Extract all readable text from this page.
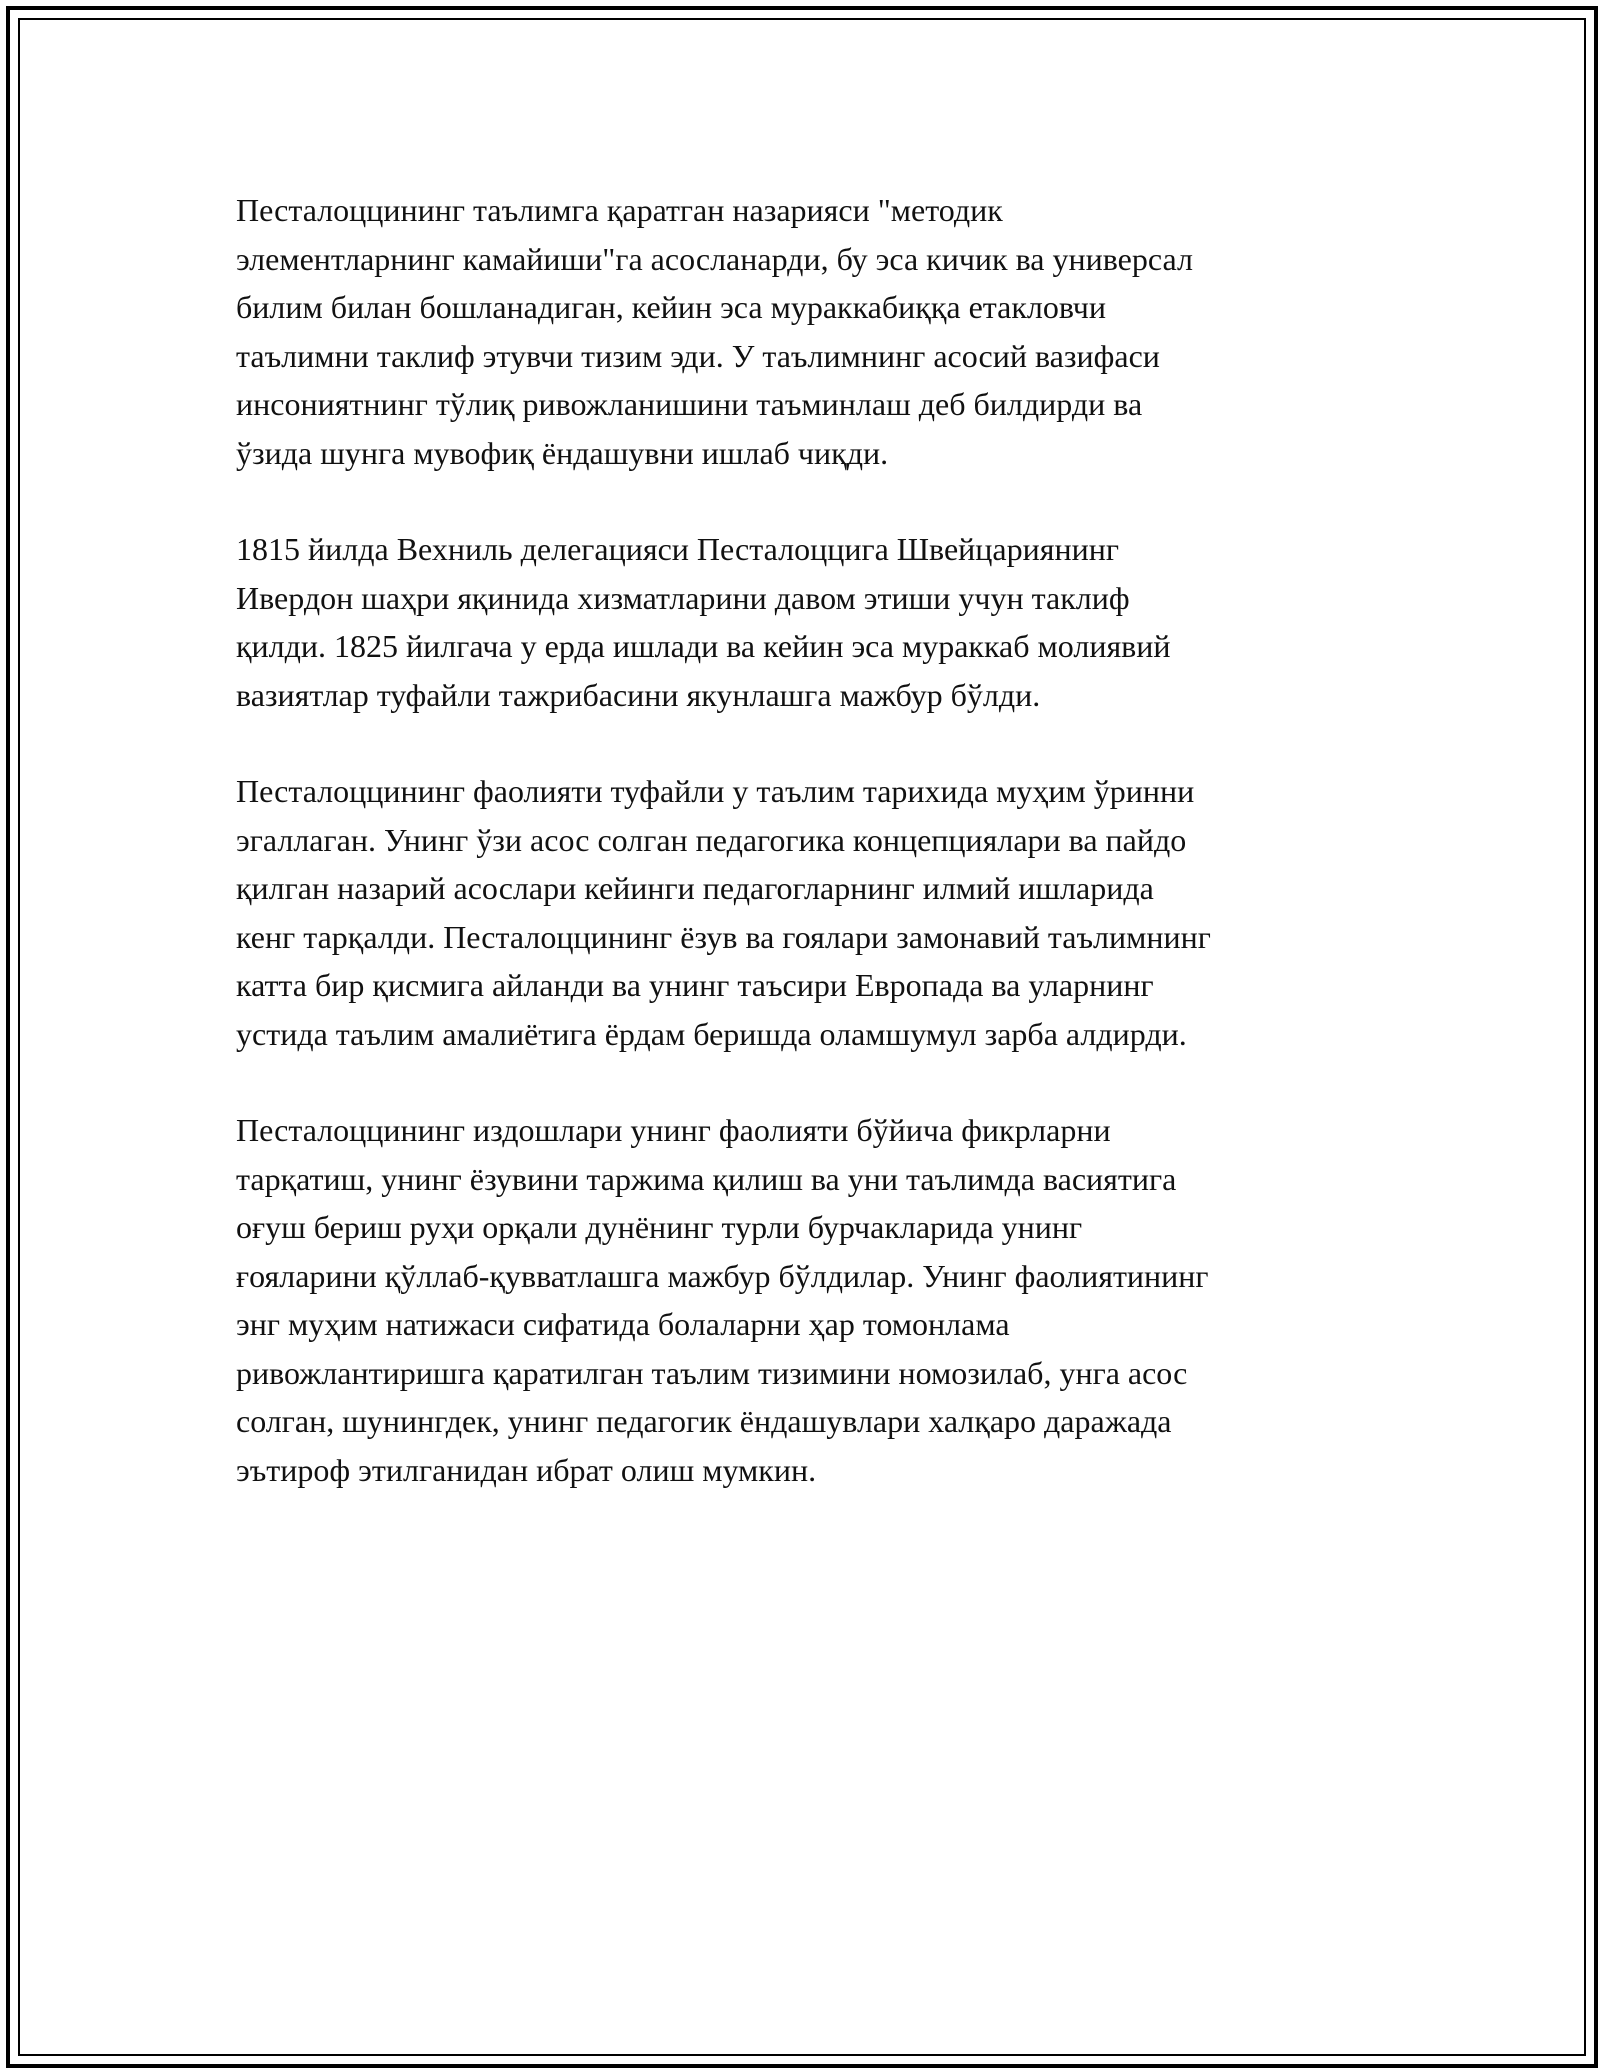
Песталоццининг таълимга қаратган назарияси "методик
элементларнинг камайиши"га асосланарди, бу эса кичик ва универсал
билим билан бошланадиган, кейин эса мураккабиққа етакловчи
таълимни таклиф этувчи тизим эди. У таълимнинг асосий вазифаси
инсониятнинг тўлиқ ривожланишини таъминлаш деб билдирди ва
ўзида шунга мувофиқ ёндашувни ишлаб чиқди.

1815 йилда Вехниль делегацияси Песталоццига Швейцариянинг
Ивердон шаҳри яқинида хизматларини давом этиши учун таклиф
қилди. 1825 йилгача у ерда ишлади ва кейин эса мураккаб молиявий
вазиятлар туфайли тажрибасини якунлашга мажбур бўлди.

Песталоццининг фаолияти туфайли у таълим тарихида муҳим ўринни
эгаллаган. Унинг ўзи асос солган педагогика концепциялари ва пайдо
қилган назарий асослари кейинги педагогларнинг илмий ишларида
кенг тарқалди. Песталоццининг ёзув ва гоялари замонавий таълимнинг
катта бир қисмига айланди ва унинг таъсири Европада ва уларнинг
устида таълим амалиётига ёрдам беришда оламшумул зарба алдирди.

Песталоццининг издошлари унинг фаолияти бўйича фикрларни
тарқатиш, унинг ёзувини таржима қилиш ва уни таълимда васиятига
оғуш бериш руҳи орқали дунёнинг турли бурчакларида унинг
ғояларини қўллаб-қувватлашга мажбур бўлдилар. Унинг фаолиятининг
энг муҳим натижаси сифатида болаларни ҳар томонлама
ривожлантиришга қаратилган таълим тизимини номозилаб, унга асос
солган, шунингдек, унинг педагогик ёндашувлари халқаро даражада
эътироф этилганидан ибрат олиш мумкин.
